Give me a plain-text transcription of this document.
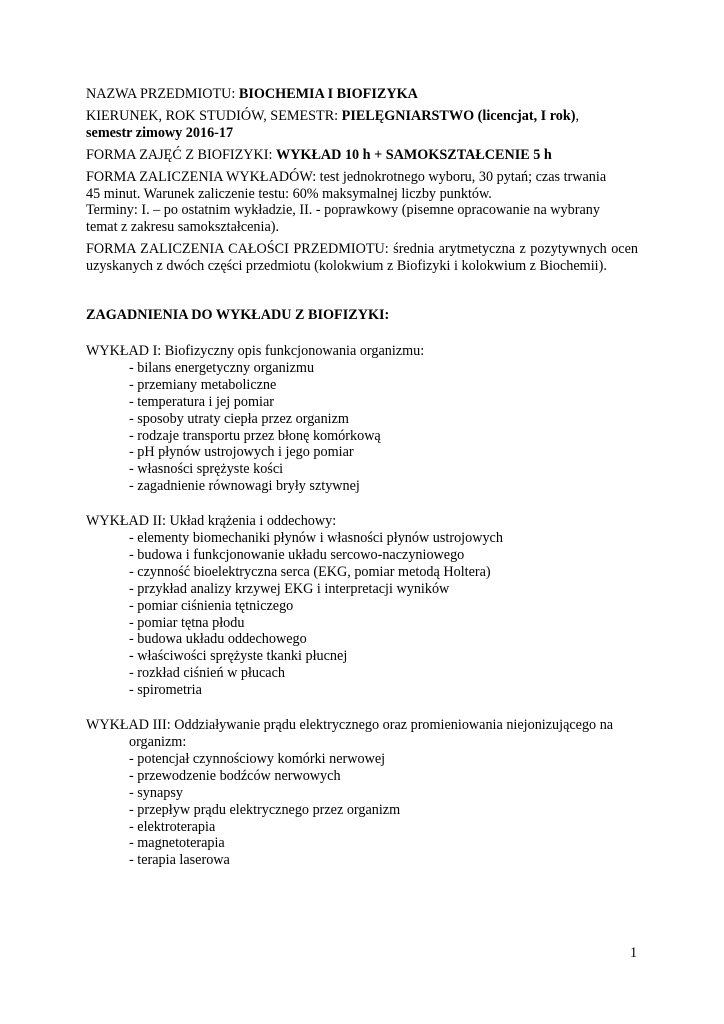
NAZWA PRZEDMIOTU: BIOCHEMIA I BIOFIZYKA

KIERUNEK, ROK STUDIÓW, SEMESTR: PIELĘGNIARSTWO (licencjat, I rok),
semestr zimowy 2016-17

FORMA ZAJĘĆ Z BIOFIZYKI: WYKŁAD 10 h + SAMOKSZTAŁCENIE 5 h

FORMA ZALICZENIA WYKŁADÓW: test jednokrotnego wyboru, 30 pytań; czas trwania
45 minut. Warunek zaliczenie testu: 60% maksymalnej liczby punktów.
Terminy: I. – po ostatnim wykładzie, II. - poprawkowy (pisemne opracowanie na wybrany
temat z zakresu samokształcenia).

FORMA ZALICZENIA CAŁOŚCI PRZEDMIOTU: średnia arytmetyczna z pozytywnych ocen uzyskanych z dwóch części przedmiotu (kolokwium z Biofizyki i kolokwium z Biochemii).

ZAGADNIENIA DO WYKŁADU Z BIOFIZYKI:

WYKŁAD I: Biofizyczny opis funkcjonowania organizmu:

- bilans energetyczny organizmu
- przemiany metaboliczne
- temperatura i jej pomiar
- sposoby utraty ciepła przez organizm
- rodzaje transportu przez błonę komórkową
- pH płynów ustrojowych i jego pomiar
- własności sprężyste kości
- zagadnienie równowagi bryły sztywnej

WYKŁAD II: Układ krążenia i oddechowy:

- elementy biomechaniki płynów i własności płynów ustrojowych
- budowa i funkcjonowanie układu sercowo-naczyniowego
- czynność bioelektryczna serca (EKG, pomiar metodą Holtera)
- przykład analizy krzywej EKG i interpretacji wyników
- pomiar ciśnienia tętniczego
- pomiar tętna płodu
- budowa układu oddechowego
- właściwości sprężyste tkanki płucnej
- rozkład ciśnień w płucach
- spirometria

WYKŁAD III: Oddziaływanie prądu elektrycznego oraz promieniowania niejonizującego na

organizm:

- potencjał czynnościowy komórki nerwowej
- przewodzenie bodźców nerwowych
- synapsy
- przepływ prądu elektrycznego przez organizm
- elektroterapia
- magnetoterapia
- terapia laserowa
1
